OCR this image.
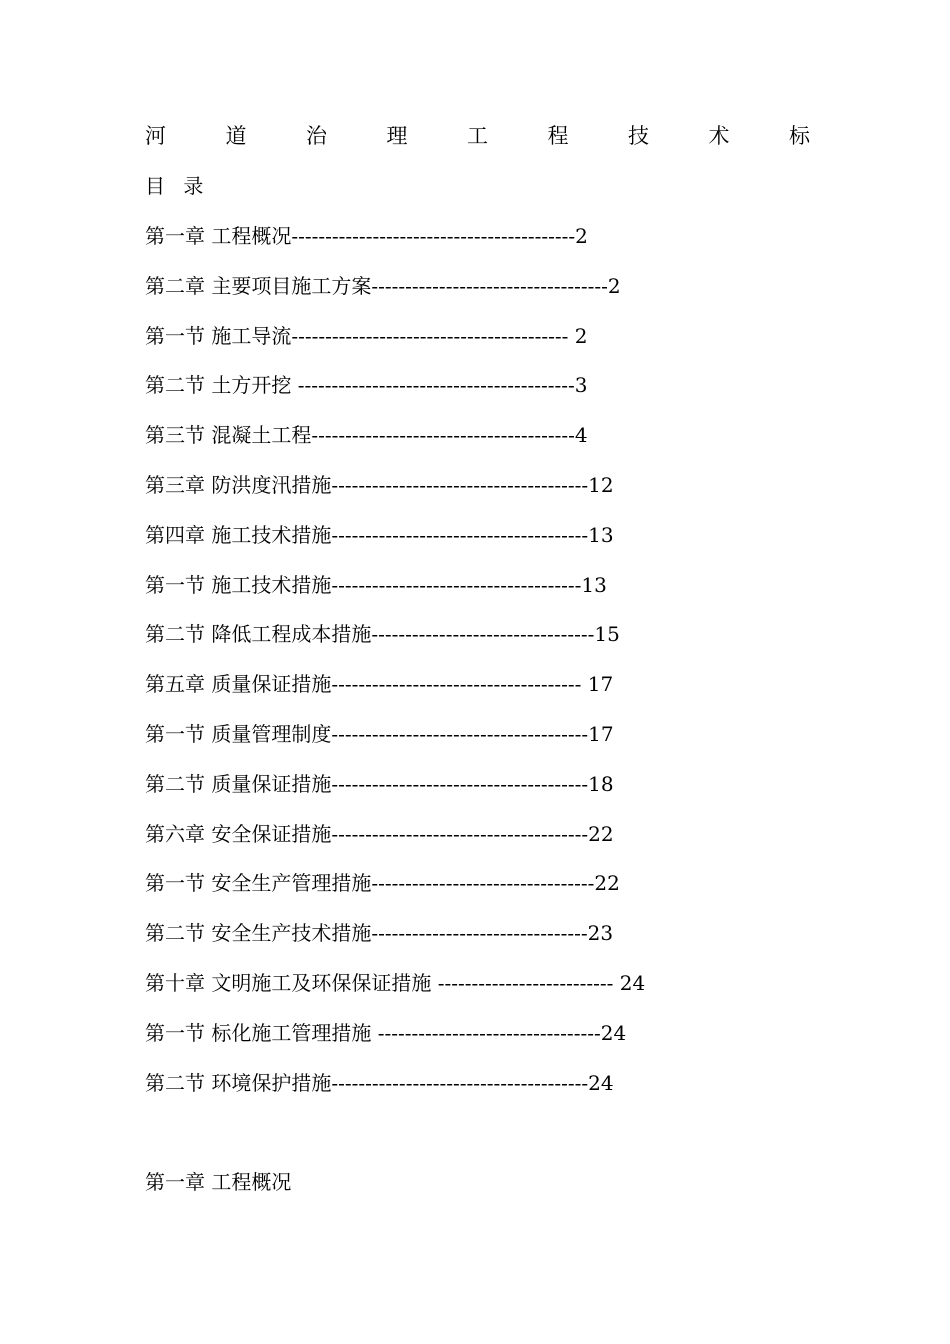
河	道	治	理	工	程	技	术	标
目 录
第一章 工程概况------------------------------------------2
第二章 主要项目施工方案-----------------------------------2
第一节 施工导流----------------------------------------- 2
第二节 土方开挖 -----------------------------------------3
第三节 混凝土工程---------------------------------------4
第三章 防洪度汛措施--------------------------------------12
第四章 施工技术措施--------------------------------------13
第一节 施工技术措施-------------------------------------13
第二节 降低工程成本措施---------------------------------15
第五章 质量保证措施------------------------------------- 17
第一节 质量管理制度--------------------------------------17
第二节 质量保证措施--------------------------------------18
第六章 安全保证措施--------------------------------------22
第一节 安全生产管理措施---------------------------------22
第二节 安全生产技术措施--------------------------------23
第十章 文明施工及环保保证措施 -------------------------- 24
第一节 标化施工管理措施 ---------------------------------24
第二节 环境保护措施--------------------------------------24
第一章 工程概况
